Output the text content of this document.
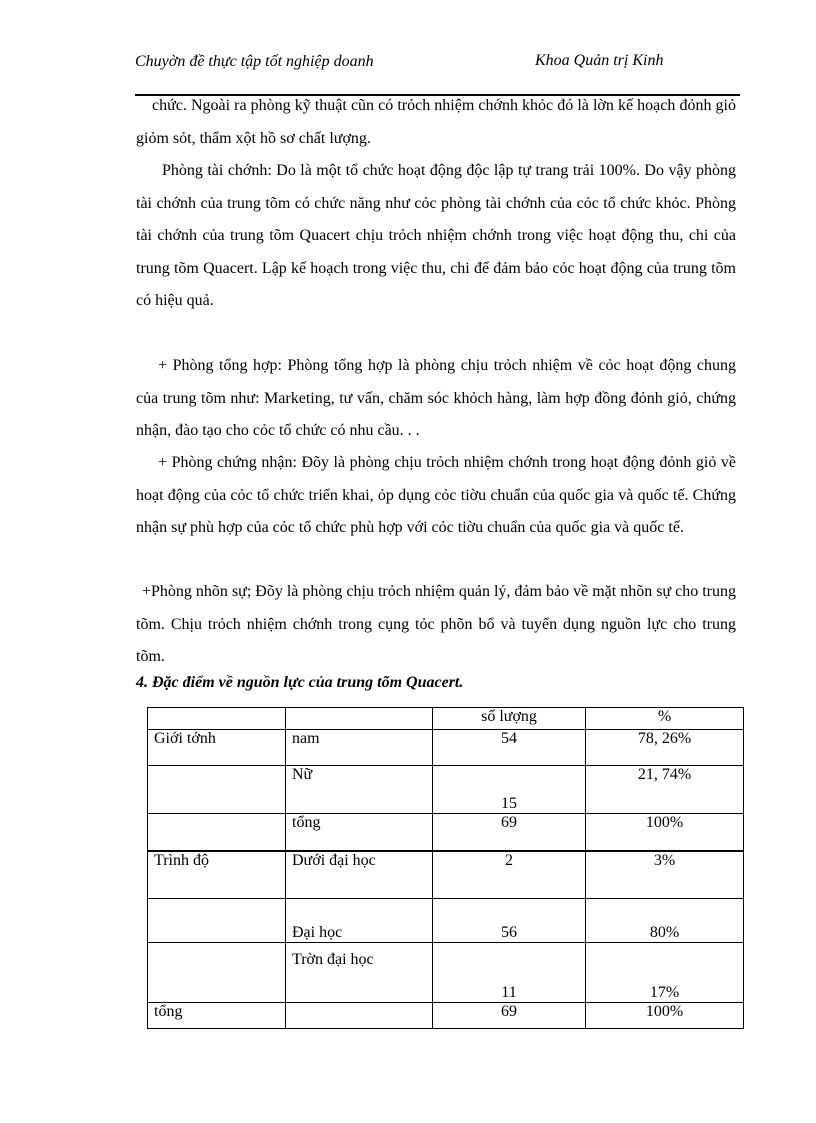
Chuyờn đề thực tập tốt nghiệp doanh	Khoa Quản trị Kinh

chức. Ngoài ra phòng kỹ thuật cũn có trỏch nhiệm chớnh khỏc đó là lờn kế hoạch đỏnh giỏ giỏm sỏt, thẩm xột hồ sơ chất lượng.

Phòng tài chớnh: Do là một tổ chức hoạt động độc lập tự trang trải 100%. Do vậy phòng tài chớnh của trung tõm có chức năng như cỏc phòng tài chớnh của cỏc tổ chức khỏc. Phòng tài chớnh của trung tõm Quacert chịu trỏch nhiệm chớnh trong việc hoạt động thu, chi của trung tõm Quacert. Lập kế hoạch trong việc thu, chi để đảm bảo cỏc hoạt động của trung tõm có hiệu quả.

+ Phòng tổng hợp: Phòng tổng hợp là phòng chịu trỏch nhiệm về cỏc hoạt động chung của trung tõm như: Marketing, tư vấn, chăm sóc khỏch hàng, làm hợp đồng đỏnh giỏ, chứng nhận, đào tạo cho cỏc tổ chức có nhu cầu. . .

+ Phòng chứng nhận: Đõy là phòng chịu trỏch nhiệm chớnh trong hoạt động đỏnh giỏ về hoạt động của cỏc tổ chức triển khai, ỏp dụng cỏc tiờu chuẩn của quốc gia và quốc tế. Chứng nhận sự phù hợp của cỏc tổ chức phù hợp với cỏc tiờu chuẩn của quốc gia và quốc tế.

+Phòng nhõn sự; Đõy là phòng chịu trỏch nhiệm quản lý, đảm bảo về mặt nhõn sự cho trung tõm. Chịu trỏch nhiệm chớnh trong cụng tỏc phõn bổ và tuyển dụng nguồn lực cho trung tõm.

4. Đặc điểm về nguồn lực của trung tõm Quacert.
		số lượng	%
Giới tớnh	nam	54	78, 26%
	Nữ	15	21, 74%
	tổng	69	100%
Trình độ	Dưới đại học	2	3%
	Đại học	56	80%
	Trờn đại học	11	17%
tổng		69	100%
